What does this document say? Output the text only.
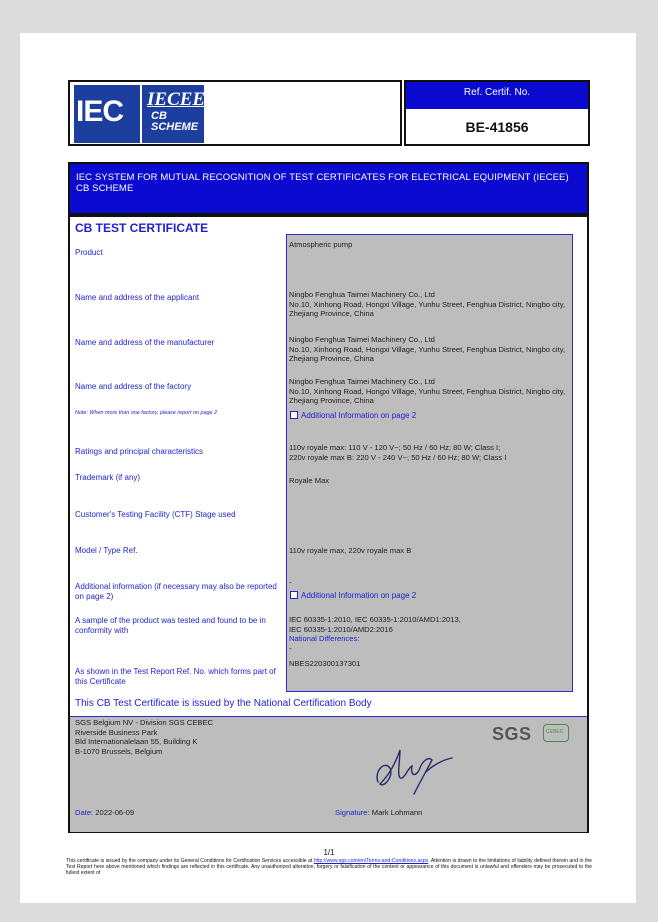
IEC IECEE
CB
SCHEME
Ref. Certif. No.
BE-41856
IEC SYSTEM FOR MUTUAL RECOGNITION OF TEST CERTIFICATES FOR ELECTRICAL EQUIPMENT (IECEE) CB SCHEME
CB TEST CERTIFICATE
Product
Name and address of the applicant
Name and address of the manufacturer
Name and address of the factory
Note: When more than one factory, please report on page 2
Ratings and principal characteristics
Trademark (if any)
Customer's Testing Facility (CTF) Stage used
Model / Type Ref.
Additional information (if necessary may also be reported on page 2)
A sample of the product was tested and found to be in conformity with
As shown in the Test Report Ref. No. which forms part of this Certificate
Atmospheric pump
Ningbo Fenghua Taimei Machinery Co., Ltd
No.10, Xinhong Road, Hongxi Village, Yunhu Street, Fenghua District, Ningbo city, Zhejiang Province, China
Ningbo Fenghua Taimei Machinery Co., Ltd
No.10, Xinhong Road, Hongxi Village, Yunhu Street, Fenghua District, Ningbo city, Zhejiang Province, China
Ningbo Fenghua Taimei Machinery Co., Ltd
No.10, Xinhong Road, Hongxi Village, Yunhu Street, Fenghua District, Ningbo city, Zhejiang Province, China
Additional Information on page 2
110v royale max: 110 V - 120 V~; 50 Hz / 60 Hz; 80 W; Class I;
220v royale max B: 220 V - 240 V~; 50 Hz / 60 Hz; 80 W; Class I
Royale Max
110v royale max, 220v royale max B
-
Additional Information on page 2
IEC 60335-1:2010, IEC 60335-1:2010/AMD1:2013,
IEC 60335-1:2010/AMD2:2016
National Differences:
-
NBES220300137301
This CB Test Certificate is issued by the National Certification Body
SGS Belgium NV - Division SGS CEBEC
Riverside Business Park
Bld Internationalelaan 55, Building K
B-1070 Brussels, Belgium
SGS	CEBEC
Date: 2022-06-09	Signature: Mark Lohmann
1/1
This certificate is issued by the company under its General Conditions for Certification Services accessible at http://www.sgs.com/en/Terms-and-Conditions.aspx. Attention is drawn to the limitations of liability defined therein and in the Test Report here above mentioned which findings are reflected in this certificate. Any unauthorized alteration, forgery or falsification of the content or appearance of this document is unlawful and offenders may be prosecuted to the fullest extent of
